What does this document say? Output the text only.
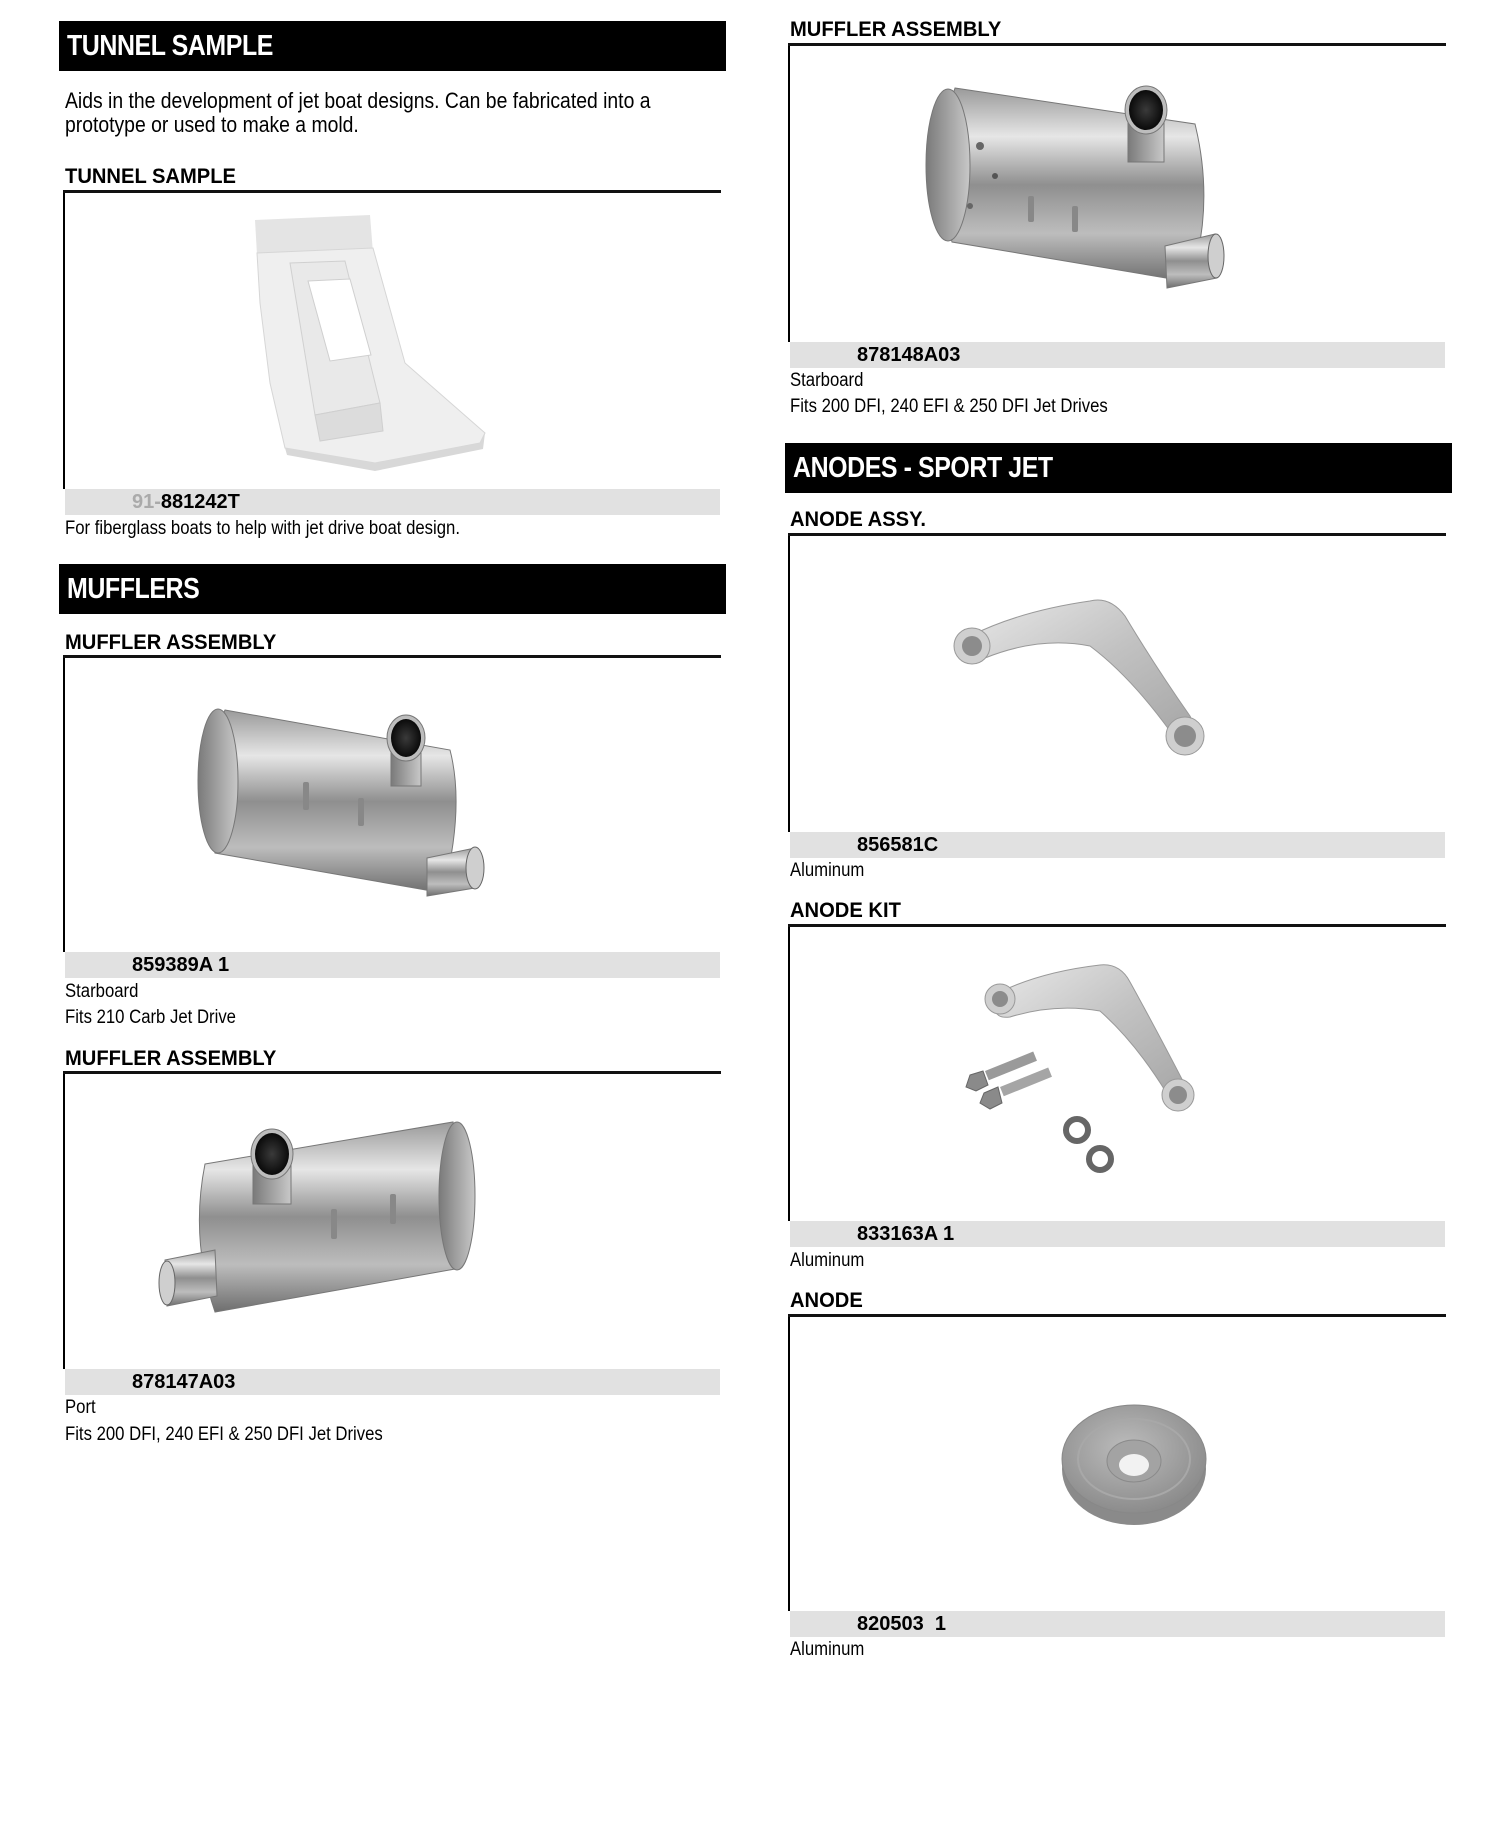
TUNNEL SAMPLE
Aids in the development of jet boat designs. Can be fabricated into a
prototype or used to make a mold.
TUNNEL SAMPLE
91-881242T
For fiberglass boats to help with jet drive boat design.
MUFFLERS
MUFFLER ASSEMBLY
859389A 1
Starboard
Fits 210 Carb Jet Drive
MUFFLER ASSEMBLY
878147A03
Port
Fits 200 DFI, 240 EFI & 250 DFI Jet Drives
MUFFLER ASSEMBLY
878148A03
Starboard
Fits 200 DFI, 240 EFI & 250 DFI Jet Drives
ANODES - SPORT JET
ANODE ASSY.
856581C
Aluminum
ANODE KIT
833163A 1
Aluminum
ANODE
820503  1
Aluminum
